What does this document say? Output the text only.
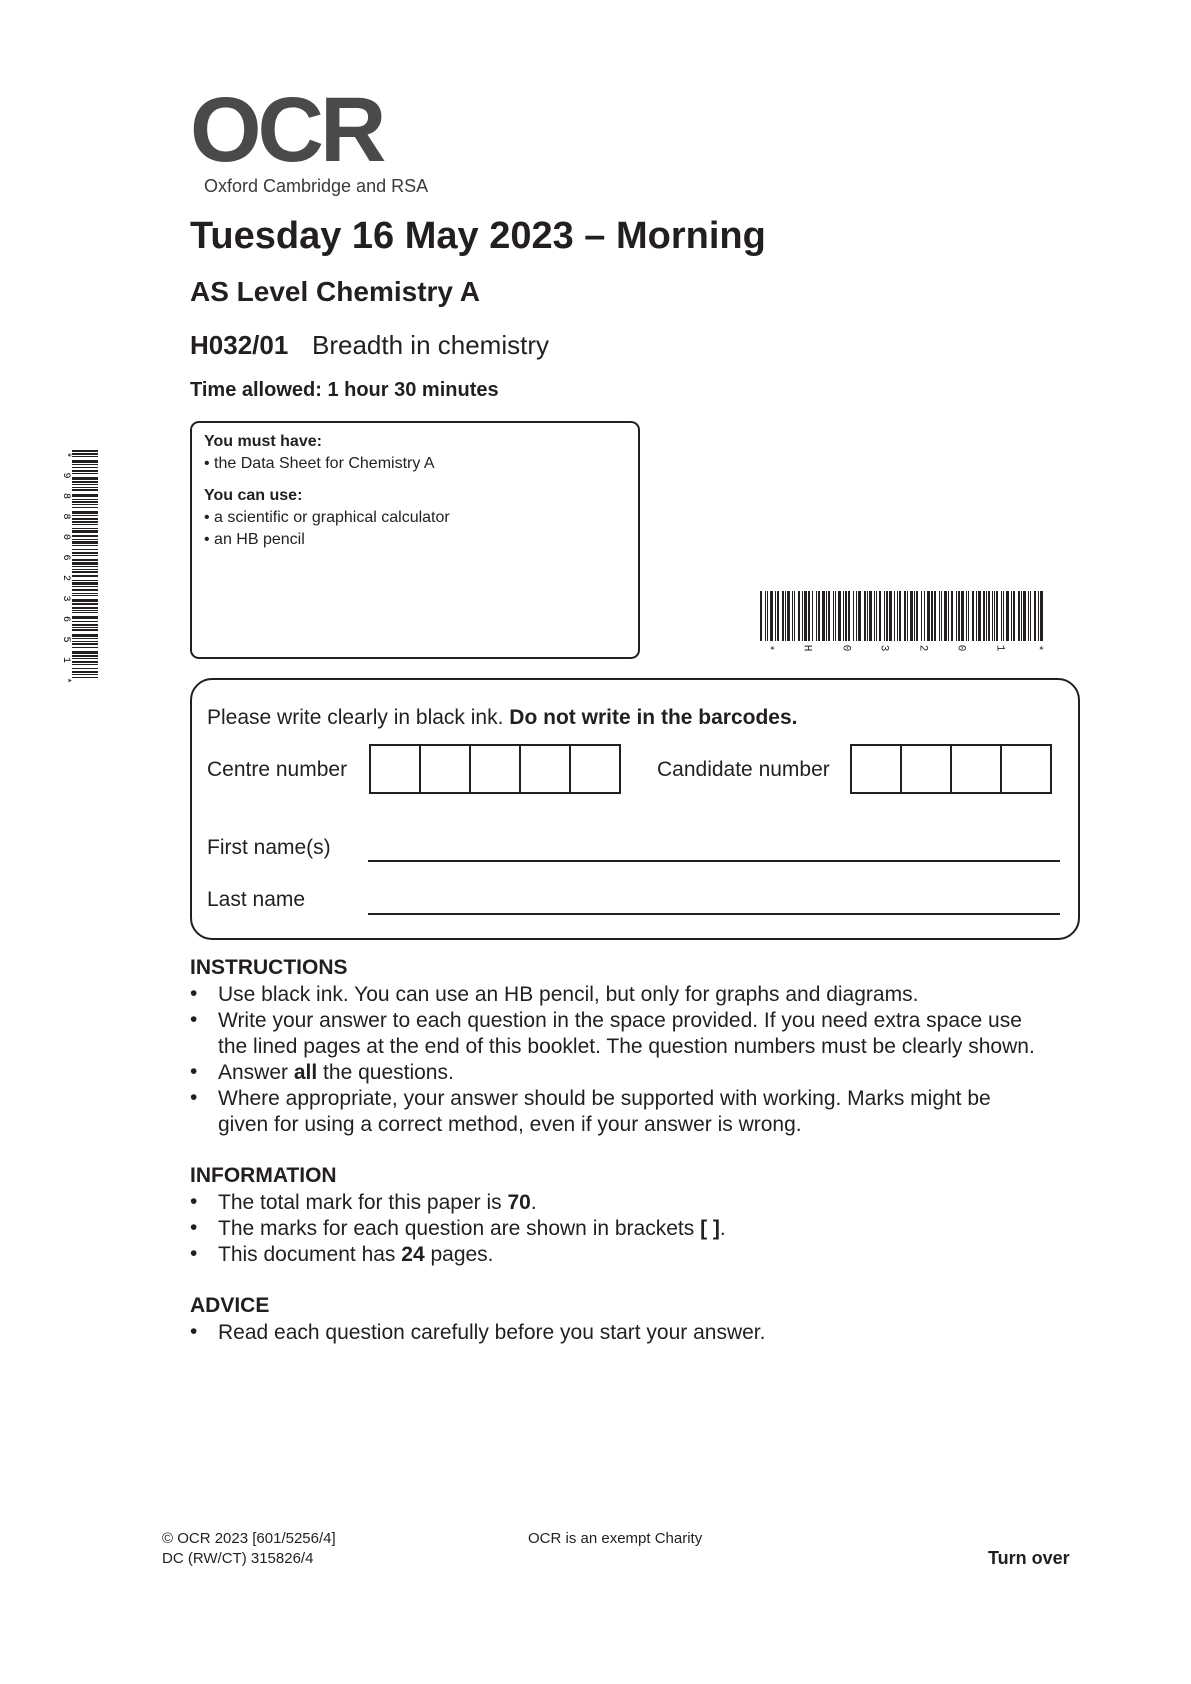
OCR
Oxford Cambridge and RSA
Tuesday 16 May 2023 – Morning
AS Level Chemistry A
H032/01 Breadth in chemistry
Time allowed: 1 hour 30 minutes
*
9
8
8
0
6
2
3
6
5
1
*
You must have:
• the Data Sheet for Chemistry A
You can use:
• a scientific or graphical calculator
• an HB pencil
* H 0 3 2 0 1 *
Please write clearly in black ink. Do not write in the barcodes.
Centre number	Candidate number
First name(s)
Last name
INSTRUCTIONS
• Use black ink. You can use an HB pencil, but only for graphs and diagrams.
• Write your answer to each question in the space provided. If you need extra space use
the lined pages at the end of this booklet. The question numbers must be clearly shown.
• Answer all the questions.
• Where appropriate, your answer should be supported with working. Marks might be
given for using a correct method, even if your answer is wrong.
INFORMATION
• The total mark for this paper is 70.
• The marks for each question are shown in brackets [ ].
• This document has 24 pages.
ADVICE
• Read each question carefully before you start your answer.
© OCR 2023 [601/5256/4]
DC (RW/CT) 315826/4
OCR is an exempt Charity
Turn over
